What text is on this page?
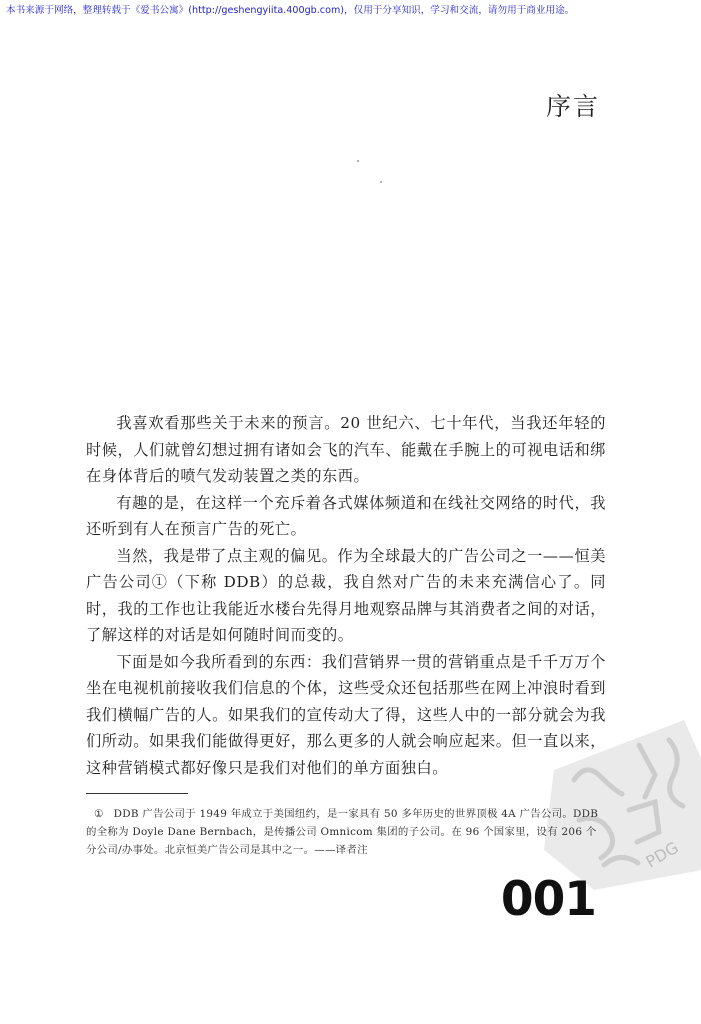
本书来源于网络，整理转载于《爱书公寓》(http://geshengyiita.400gb.com)，仅用于分享知识，学习和交流，请勿用于商业用途。
序言

我喜欢看那些关于未来的预言。20 世纪六、七十年代，当我还年轻的时候，人们就曾幻想过拥有诸如会飞的汽车、能戴在手腕上的可视电话和绑在身体背后的喷气发动装置之类的东西。

有趣的是，在这样一个充斥着各式媒体频道和在线社交网络的时代，我还听到有人在预言广告的死亡。

当然，我是带了点主观的偏见。作为全球最大的广告公司之一——恒美广告公司①（下称 DDB）的总裁，我自然对广告的未来充满信心了。同时，我的工作也让我能近水楼台先得月地观察品牌与其消费者之间的对话，了解这样的对话是如何随时间而变的。

下面是如今我所看到的东西：我们营销界一贯的营销重点是千千万万个坐在电视机前接收我们信息的个体，这些受众还包括那些在网上冲浪时看到我们横幅广告的人。如果我们的宣传动大了得，这些人中的一部分就会为我们所动。如果我们能做得更好，那么更多的人就会响应起来。但一直以来，这种营销模式都好像只是我们对他们的单方面独白。

① DDB 广告公司于 1949 年成立于美国纽约，是一家具有 50 多年历史的世界顶极 4A 广告公司。DDB 的全称为 Doyle Dane Bernbach，是传播公司 Omnicom 集团的子公司。在 96 个国家里，设有 206 个分公司/办事处。北京恒美广告公司是其中之一。——译者注
001
PDG
